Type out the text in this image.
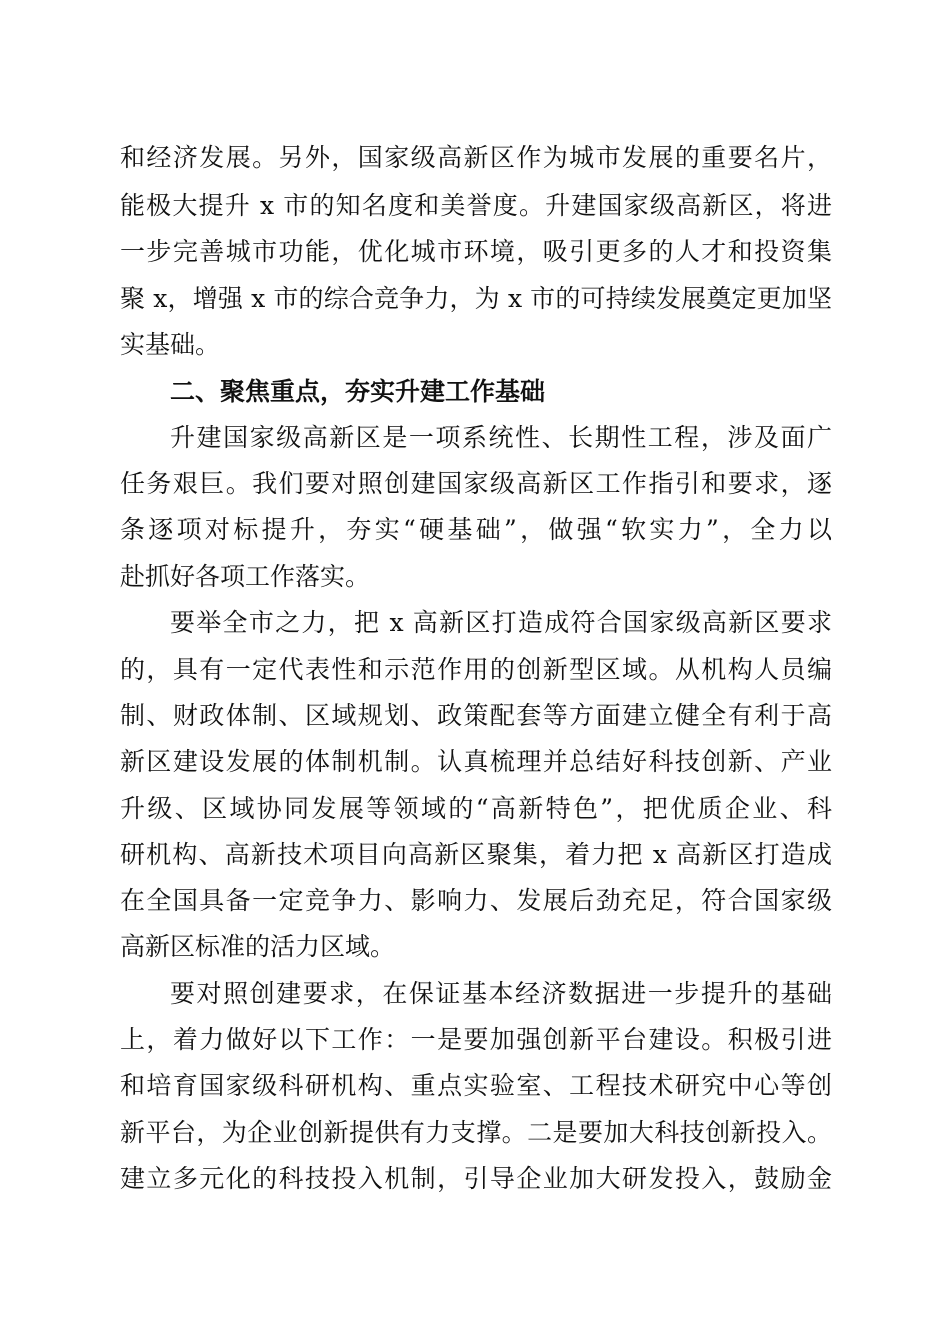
和经济发展。另外，国家级高新区作为城市发展的重要名片，
能极大提升 x 市的知名度和美誉度。升建国家级高新区，将进
一步完善城市功能，优化城市环境，吸引更多的人才和投资集
聚 x，增强 x 市的综合竞争力，为 x 市的可持续发展奠定更加坚
实基础。
二、聚焦重点，夯实升建工作基础
升建国家级高新区是一项系统性、长期性工程，涉及面广
任务艰巨。我们要对照创建国家级高新区工作指引和要求，逐
条逐项对标提升，夯实“硬基础”，做强“软实力”，全力以
赴抓好各项工作落实。
要举全市之力，把 x 高新区打造成符合国家级高新区要求
的，具有一定代表性和示范作用的创新型区域。从机构人员编
制、财政体制、区域规划、政策配套等方面建立健全有利于高
新区建设发展的体制机制。认真梳理并总结好科技创新、产业
升级、区域协同发展等领域的“高新特色”，把优质企业、科
研机构、高新技术项目向高新区聚集，着力把 x 高新区打造成
在全国具备一定竞争力、影响力、发展后劲充足，符合国家级
高新区标准的活力区域。
要对照创建要求，在保证基本经济数据进一步提升的基础
上，着力做好以下工作：一是要加强创新平台建设。积极引进
和培育国家级科研机构、重点实验室、工程技术研究中心等创
新平台，为企业创新提供有力支撑。二是要加大科技创新投入。
建立多元化的科技投入机制，引导企业加大研发投入，鼓励金
